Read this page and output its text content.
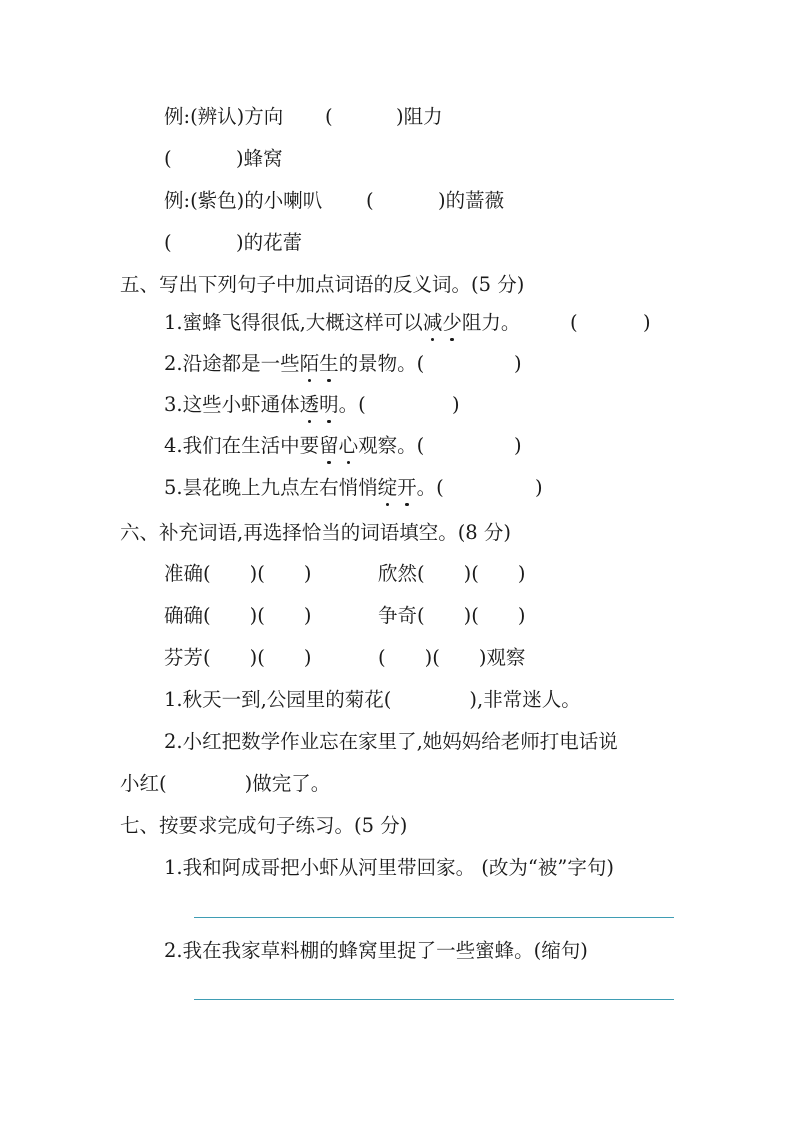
例:(辨认)方向 (	)阻力
(	)蜂窝
例:(紫色)的小喇叭 (	)的蔷薇
(	)的花蕾
五、写出下列句子中加点词语的反义词。(5 分)
1.蜜蜂飞得很低,大概这样可以减少阻力。	(	)
2.沿途都是一些陌生的景物。(	)
3.这些小虾通体透明。(	)
4.我们在生活中要留心观察。(	)
5.昙花晚上九点左右悄悄绽开。(	)
六、补充词语,再选择恰当的词语填空。(8 分)
准确(　　)(　　)	欣然(　　)(　　)
确确(　　)(　　)	争奇(　　)(　　)
芬芳(　　)(　　)	(　　)(　　)观察
1.秋天一到,公园里的菊花(　　　　),非常迷人。
2.小红把数学作业忘在家里了,她妈妈给老师打电话说
小红(　　　　)做完了。
七、按要求完成句子练习。(5 分)
1.我和阿成哥把小虾从河里带回家。 (改为“被”字句)
2.我在我家草料棚的蜂窝里捉了一些蜜蜂。(缩句)
